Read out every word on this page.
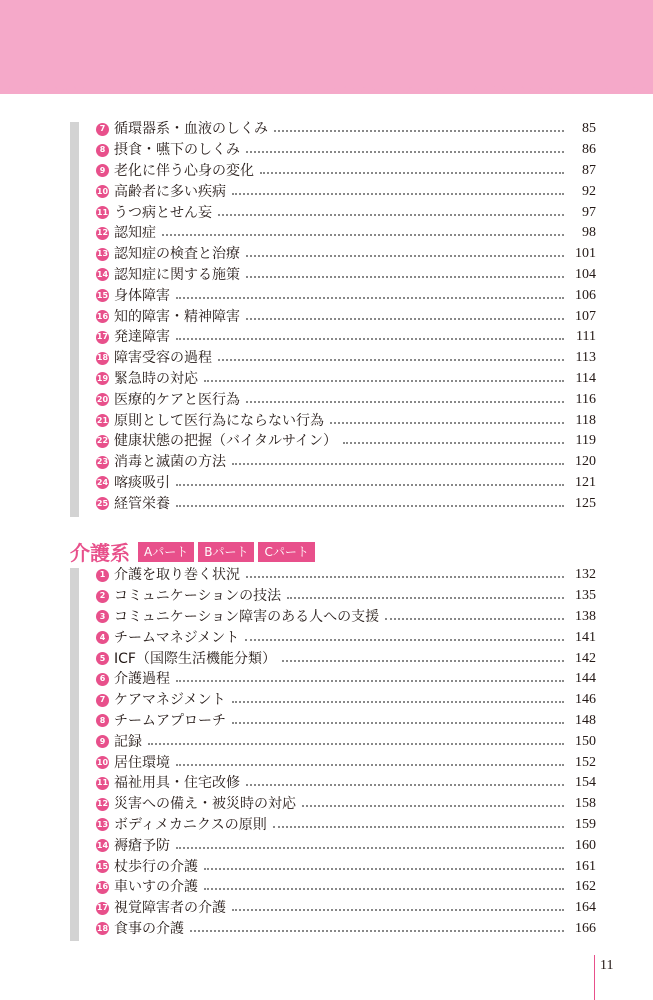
7 循環器系・血液のしくみ	85
8 摂食・嚥下のしくみ	86
9 老化に伴う心身の変化	87
10 高齢者に多い疾病	92
11 うつ病とせん妄	97
12 認知症	98
13 認知症の検査と治療	101
14 認知症に関する施策	104
15 身体障害	106
16 知的障害・精神障害	107
17 発達障害	111
18 障害受容の過程	113
19 緊急時の対応	114
20 医療的ケアと医行為	116
21 原則として医行為にならない行為	118
22 健康状態の把握（バイタルサイン）	119
23 消毒と滅菌の方法	120
24 喀痰吸引	121
25 経管栄養	125
介護系	Aパート	Bパート	Cパート
1 介護を取り巻く状況	132
2 コミュニケーションの技法	135
3 コミュニケーション障害のある人への支援	138
4 チームマネジメント	141
5 ICF（国際生活機能分類）	142
6 介護過程	144
7 ケアマネジメント	146
8 チームアプローチ	148
9 記録	150
10 居住環境	152
11 福祉用具・住宅改修	154
12 災害への備え・被災時の対応	158
13 ボディメカニクスの原則	159
14 褥瘡予防	160
15 杖歩行の介護	161
16 車いすの介護	162
17 視覚障害者の介護	164
18 食事の介護	166
11
